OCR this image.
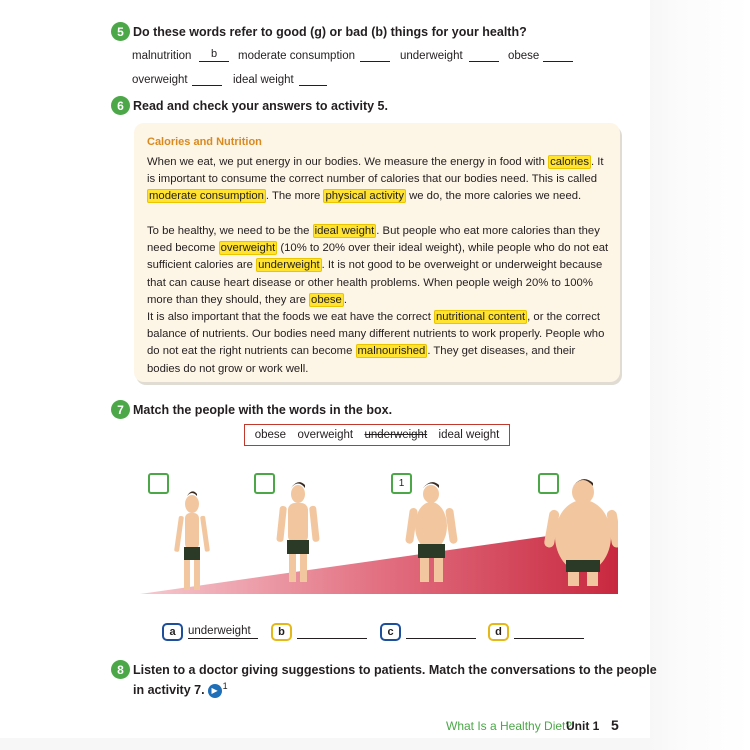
5 Do these words refer to good (g) or bad (b) things for your health?
malnutrition	b	moderate consumption	underweight	obese
overweight	ideal weight
6 Read and check your answers to activity 5.
Calories and Nutrition
When we eat, we put energy in our bodies. We measure the energy in food with calories . It is important to consume the correct number of calories that our bodies need. This is called moderate consumption . The more physical activity we do, the more calories we need.
To be healthy, we need to be the ideal weight . But people who eat more calories than they need become overweight (10% to 20% over their ideal weight), while people who do not eat sufficient calories are underweight . It is not good to be overweight or underweight because that can cause heart disease or other health problems. When people weigh 20% to 100% more than they should, they are obese .
It is also important that the foods we eat have the correct nutritional content , or the correct balance of nutrients. Our bodies need many different nutrients to work properly. People who do not eat the right nutrients can become malnourished . They get diseases, and their bodies do not grow or work well.
7 Match the people with the words in the box.
obese overweight underweight ideal weight
1
a	underweight	b	c	d
8 Listen to a doctor giving suggestions to patients. Match the conversations to the people
in activity 7. ▶ $^1$
What Is a Healthy Diet?
Unit 1 5
